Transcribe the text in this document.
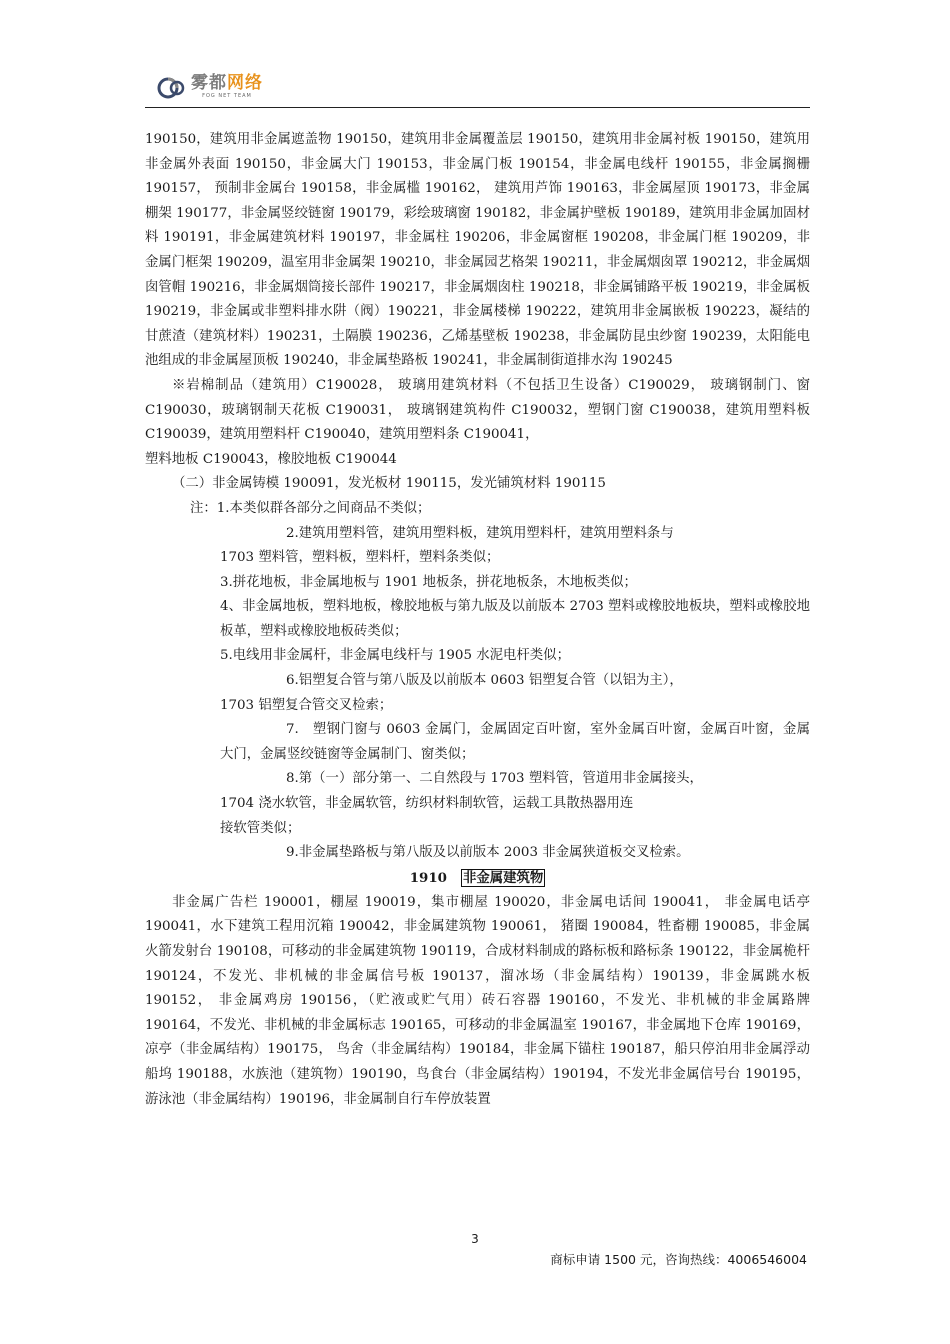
雾都网络
FOG NET TEAM

190150，建筑用非金属遮盖物 190150，建筑用非金属覆盖层 190150，建筑用非金属衬板 190150，建筑用非金属外表面 190150，非金属大门 190153，非金属门板 190154，非金属电线杆 190155，非金属搁栅 190157， 预制非金属台 190158，非金属槛 190162， 建筑用芦饰 190163，非金属屋顶 190173，非金属棚架 190177，非金属竖绞链窗 190179，彩绘玻璃窗 190182，非金属护壁板 190189，建筑用非金属加固材料 190191，非金属建筑材料 190197，非金属柱 190206，非金属窗框 190208，非金属门框 190209，非金属门框架 190209，温室用非金属架 190210，非金属园艺格架 190211，非金属烟囱罩 190212，非金属烟囱管帽 190216，非金属烟筒接长部件 190217，非金属烟囱柱 190218，非金属铺路平板 190219，非金属板 190219，非金属或非塑料排水阱（阀）190221，非金属楼梯 190222，建筑用非金属嵌板 190223，凝结的甘蔗渣（建筑材料）190231，土隔膜 190236，乙烯基壁板 190238，非金属防昆虫纱窗 190239，太阳能电池组成的非金属屋顶板 190240，非金属垫路板 190241，非金属制街道排水沟 190245

※岩棉制品（建筑用）C190028， 玻璃用建筑材料（不包括卫生设备）C190029， 玻璃钢制门、窗 C190030，玻璃钢制天花板 C190031， 玻璃钢建筑构件 C190032，塑钢门窗 C190038，建筑用塑料板 C190039，建筑用塑料杆 C190040，建筑用塑料条 C190041，

塑料地板 C190043，橡胶地板 C190044

（二）非金属铸模 190091，发光板材 190115，发光铺筑材料 190115

注：1.本类似群各部分之间商品不类似；

2.建筑用塑料管，建筑用塑料板，建筑用塑料杆，建筑用塑料条与

1703 塑料管，塑料板，塑料杆，塑料条类似；

3.拼花地板，非金属地板与 1901 地板条，拼花地板条，木地板类似；

4、非金属地板，塑料地板，橡胶地板与第九版及以前版本 2703 塑料或橡胶地板块，塑料或橡胶地板革，塑料或橡胶地板砖类似；

5.电线用非金属杆，非金属电线杆与 1905 水泥电杆类似；

6.铝塑复合管与第八版及以前版本 0603 铝塑复合管（以铝为主），

1703 铝塑复合管交叉检索；

7.　塑钢门窗与 0603 金属门，金属固定百叶窗，室外金属百叶窗，金属百叶窗，金属大门，金属竖绞链窗等金属制门、窗类似；

8.第（一）部分第一、二自然段与 1703 塑料管，管道用非金属接头，

1704 浇水软管，非金属软管，纺织材料制软管，运载工具散热器用连

接软管类似；

9.非金属垫路板与第八版及以前版本 2003 非金属狭道板交叉检索。

1910 非金属建筑物

非金属广告栏 190001，棚屋 190019，集市棚屋 190020，非金属电话间 190041， 非金属电话亭 190041，水下建筑工程用沉箱 190042，非金属建筑物 190061， 猪圈 190084，牲畜棚 190085，非金属火箭发射台 190108，可移动的非金属建筑物 190119，合成材料制成的路标板和路标条 190122，非金属桅杆 190124，不发光、非机械的非金属信号板 190137，溜冰场（非金属结构）190139，非金属跳水板 190152， 非金属鸡房 190156，（贮液或贮气用）砖石容器 190160，不发光、非机械的非金属路牌 190164，不发光、非机械的非金属标志 190165，可移动的非金属温室 190167，非金属地下仓库 190169，凉亭（非金属结构）190175， 鸟舍（非金属结构）190184，非金属下锚柱 190187，船只停泊用非金属浮动船坞 190188，水族池（建筑物）190190，鸟食台（非金属结构）190194，不发光非金属信号台 190195，游泳池（非金属结构）190196，非金属制自行车停放装置

3
商标申请 1500 元，咨询热线：4006546004
